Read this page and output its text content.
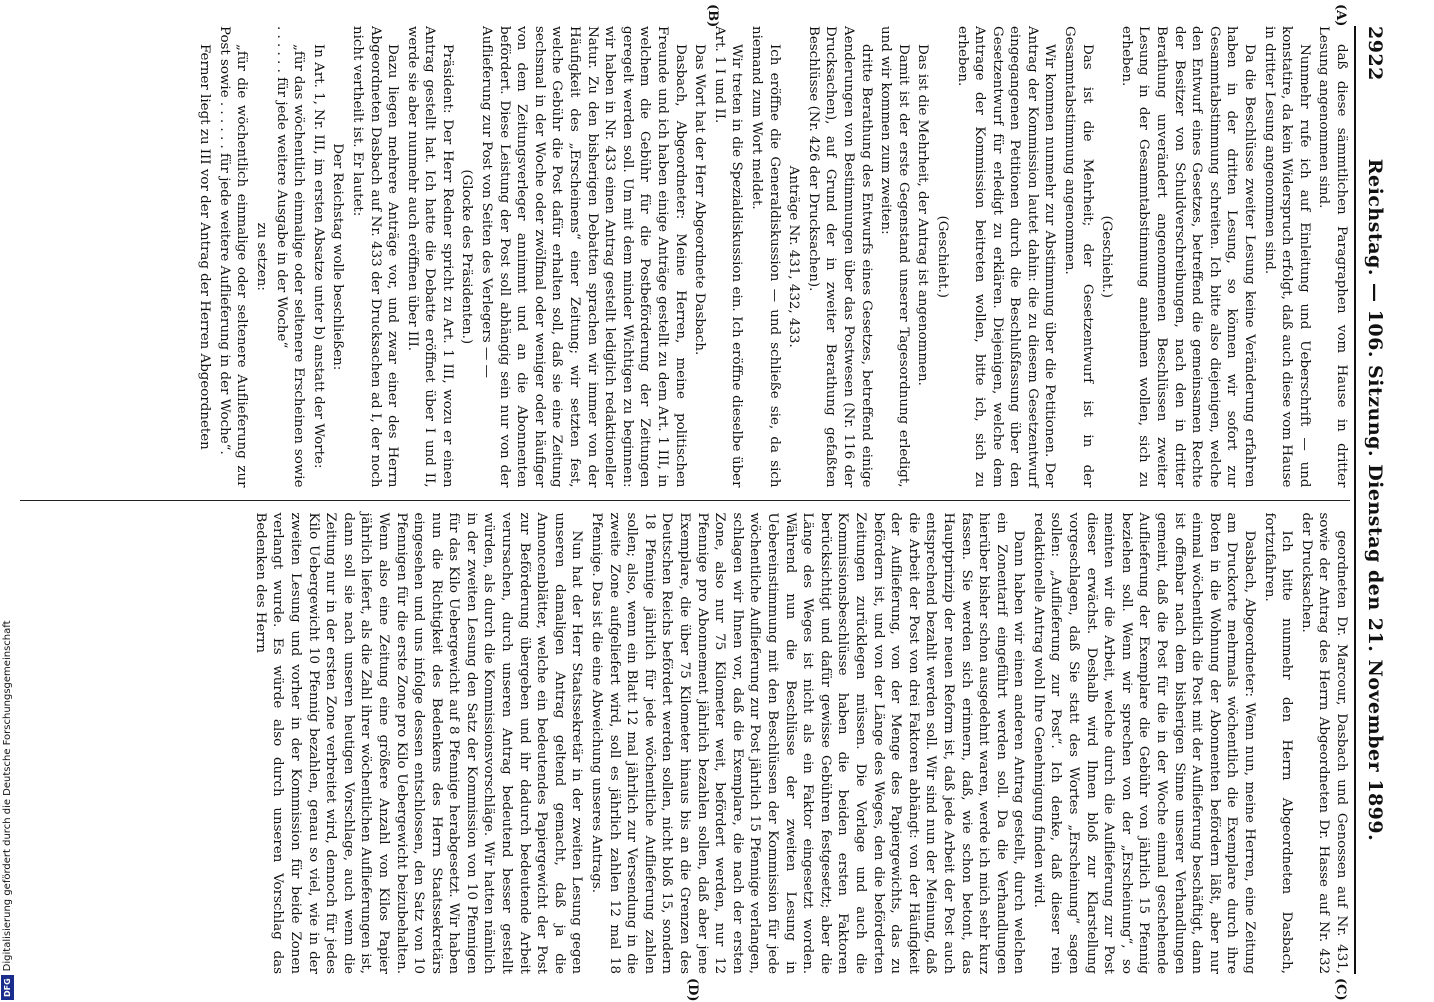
2922
Reichstag. — 106. Sitzung. Dienstag den 21. November 1899.

daß diese sämmtlichen Paragraphen vom Hause in dritter Lesung angenommen sind.

Nunmehr rufe ich auf Einleitung und Ueberschrift — und konstatire, da kein Widerspruch erfolgt, daß auch diese vom Hause in dritter Lesung angenommen sind.

Da die Beschlüsse zweiter Lesung keine Veränderung erfahren haben in der dritten Lesung, so können wir sofort zur Gesammtabstimmung schreiten. Ich bitte also diejenigen, welche den Entwurf eines Gesetzes, betreffend die gemeinsamen Rechte der Besitzer von Schuldverschreibungen, nach den in dritter Berathung unverändert angenommenen Beschlüssen zweiter Lesung in der Gesammtabstimmung annehmen wollen, sich zu erheben.

(Geschieht.)

Das ist die Mehrheit; der Gesetzentwurf ist in der Gesammtabstimmung angenommen.

Wir kommen nunmehr zur Abstimmung über die Petitionen. Der Antrag der Kommission lautet dahin: die zu diesem Gesetzentwurf eingegangenen Petitionen durch die Beschlußfassung über den Gesetzentwurf für erledigt zu erklären. Diejenigen, welche dem Antrage der Kommission beitreten wollen, bitte ich, sich zu erheben.

(Geschieht.)

Das ist die Mehrheit, der Antrag ist angenommen.

Damit ist der erste Gegenstand unserer Tagesordnung erledigt, und wir kommen zum zweiten:

dritte Berathung des Entwurfs eines Gesetzes, betreffend einige Aenderungen von Bestimmungen über das Postwesen (Nr. 116 der Drucksachen), auf Grund der in zweiter Berathung gefaßten Beschlüsse (Nr. 426 der Drucksachen).

Anträge Nr. 431, 432, 433.

Ich eröffne die Generaldiskussion — und schließe sie, da sich niemand zum Wort meldet.

Wir treten in die Spezialdiskussion ein. Ich eröffne dieselbe über Art. 1 I und II.

Das Wort hat der Herr Abgeordnete Dasbach.

Dasbach, Abgeordneter: Meine Herren, meine politischen Freunde und ich haben einige Anträge gestellt zu dem Art. 1 III, in welchem die Gebühr für die Postbeförderung der Zeitungen geregelt werden soll. Um mit dem minder Wichtigen zu beginnen: wir haben in Nr. 433 einen Antrag gestellt lediglich redaktioneller Natur. Zu den bisherigen Debatten sprachen wir immer von der Häufigkeit des „Erscheinens“ einer Zeitung; wir setzten fest, welche Gebühr die Post dafür erhalten soll, daß sie eine Zeitung sechsmal in der Woche oder zwölfmal oder weniger oder häufiger von dem Zeitungsverleger annimmt und an die Abonnenten befördert. Diese Leistung der Post soll abhängig sein nur von der Auflieferung zur Post von Seiten des Verlegers — —

(Glocke des Präsidenten.)

Präsident: Der Herr Redner spricht zu Art. 1 III, wozu er einen Antrag gestellt hat. Ich hatte die Debatte eröffnet über I und II, werde sie aber nunmehr auch eröffnen über III.

Dazu liegen mehrere Anträge vor, und zwar einer des Herrn Abgeordneten Dasbach auf Nr. 433 der Drucksachen ad I, der noch nicht vertheilt ist. Er lautet:

Der Reichstag wolle beschließen:

In Art. 1, Nr. III, im ersten Absatze unter b) anstatt der Worte:

„für das wöchentlich einmalige oder seltenere Erscheinen sowie . . . . . . für jede weitere Ausgabe in der Woche“

zu setzen:

„für die wöchentlich einmalige oder seltenere Auflieferung zur Post sowie . . . . . . für jede weitere Auflieferung in der Woche“.

Ferner liegt zu III vor der Antrag der Herren Abgeordneten

geordneten Dr. Marcour, Dasbach und Genossen auf Nr. 431, sowie der Antrag des Herrn Abgeordneten Dr. Hasse auf Nr. 432 der Drucksachen.

Ich bitte nunmehr den Herrn Abgeordneten Dasbach, fortzufahren.

Dasbach, Abgeordneter: Wenn nun, meine Herren, eine Zeitung am Druckorte mehrmals wöchentlich die Exemplare durch ihre Boten in die Wohnung der Abonnenten befördern läßt, aber nur einmal wöchentlich die Post mit der Auflieferung beschäftigt, dann ist offenbar nach dem bisherigen Sinne unserer Verhandlungen gemeint, daß die Post für die in der Woche einmal geschehende Auflieferung der Exemplare die Gebühr von jährlich 15 Pfennig beziehen soll. Wenn wir sprechen von der „Erscheinung“, so meinten wir die Arbeit, welche durch die Auflieferung zur Post dieser erwächst. Deshalb wird Ihnen bloß zur Klarstellung vorgeschlagen, daß Sie statt des Wortes „Erscheinung“ sagen sollen: „Auflieferung zur Post“. Ich denke, daß dieser rein redaktionelle Antrag wohl Ihre Genehmigung finden wird.

Dann haben wir einen anderen Antrag gestellt, durch welchen ein Zonentarif eingeführt werden soll. Da die Verhandlungen hierüber bisher schon ausgedehnt waren, werde ich mich sehr kurz fassen. Sie werden sich erinnern, daß, wie schon betont, das Hauptprinzip der neuen Reform ist, daß jede Arbeit der Post auch entsprechend bezahlt werden soll. Wir sind nun der Meinung, daß die Arbeit der Post von drei Faktoren abhängt: von der Häufigkeit der Auflieferung, von der Menge des Papiergewichts, das zu befördern ist, und von der Länge des Weges, den die beförderten Zeitungen zurücklegen müssen. Die Vorlage und auch die Kommissionsbeschlüsse haben die beiden ersten Faktoren berücksichtigt und dafür gewisse Gebühren festgesetzt; aber die Länge des Weges ist nicht als ein Faktor eingesetzt worden. Während nun die Beschlüsse der zweiten Lesung in Uebereinstimmung mit den Beschlüssen der Kommission für jede wöchentliche Auflieferung zur Post jährlich 15 Pfennige verlangen, schlagen wir Ihnen vor, daß die Exemplare, die nach der ersten Zone, also nur 75 Kilometer weit, befördert werden, nur 12 Pfennige pro Abonnement jährlich bezahlen sollen, daß aber jene Exemplare, die über 75 Kilometer hinaus bis an die Grenzen des Deutschen Reichs befördert werden sollen, nicht bloß 15, sondern 18 Pfennige jährlich für jede wöchentliche Auflieferung zahlen sollen; also, wenn ein Blatt 12 mal jährlich zur Versendung in die zweite Zone aufgeliefert wird, soll es jährlich zahlen 12 mal 18 Pfennige. Das ist die eine Abweichung unseres Antrags.

Nun hat der Herr Staatssekretär in der zweiten Lesung gegen unseren damaligen Antrag geltend gemacht, daß ja die Annoncenblätter, welche ein bedeutendes Papiergewicht der Post zur Beförderung übergeben und ihr dadurch bedeutende Arbeit verursachen, durch unseren Antrag bedeutend besser gestellt würden, als durch die Kommissionsvorschläge. Wir hatten nämlich in der zweiten Lesung den Satz der Kommission von 10 Pfennigen für das Kilo Uebergewicht auf 8 Pfennige herabgesetzt. Wir haben nun die Richtigkeit des Bedenkens des Herrn Staatssekretärs eingesehen und uns infolge dessen entschlossen, den Satz von 10 Pfennigen für die erste Zone pro Kilo Uebergewicht beizubehalten. Wenn also eine Zeitung eine größere Anzahl von Kilos Papier jährlich liefert, als die Zahl ihrer wöchentlichen Auflieferungen ist, dann soll sie nach unseren heutigen Vorschlage, auch wenn die Zeitung nur in der ersten Zone verbreitet wird, dennoch für jedes Kilo Uebergewicht 10 Pfennig bezahlen, genau so viel, wie in der zweiten Lesung und vorher in der Kommission für beide Zonen verlangt wurde. Es würde also durch unseren Vorschlag das Bedenken des Herrn

(A)
(B)
(C)
(D)
DFGDigitalisierung gefördert durch die Deutsche Forschungsgemeinschaft
